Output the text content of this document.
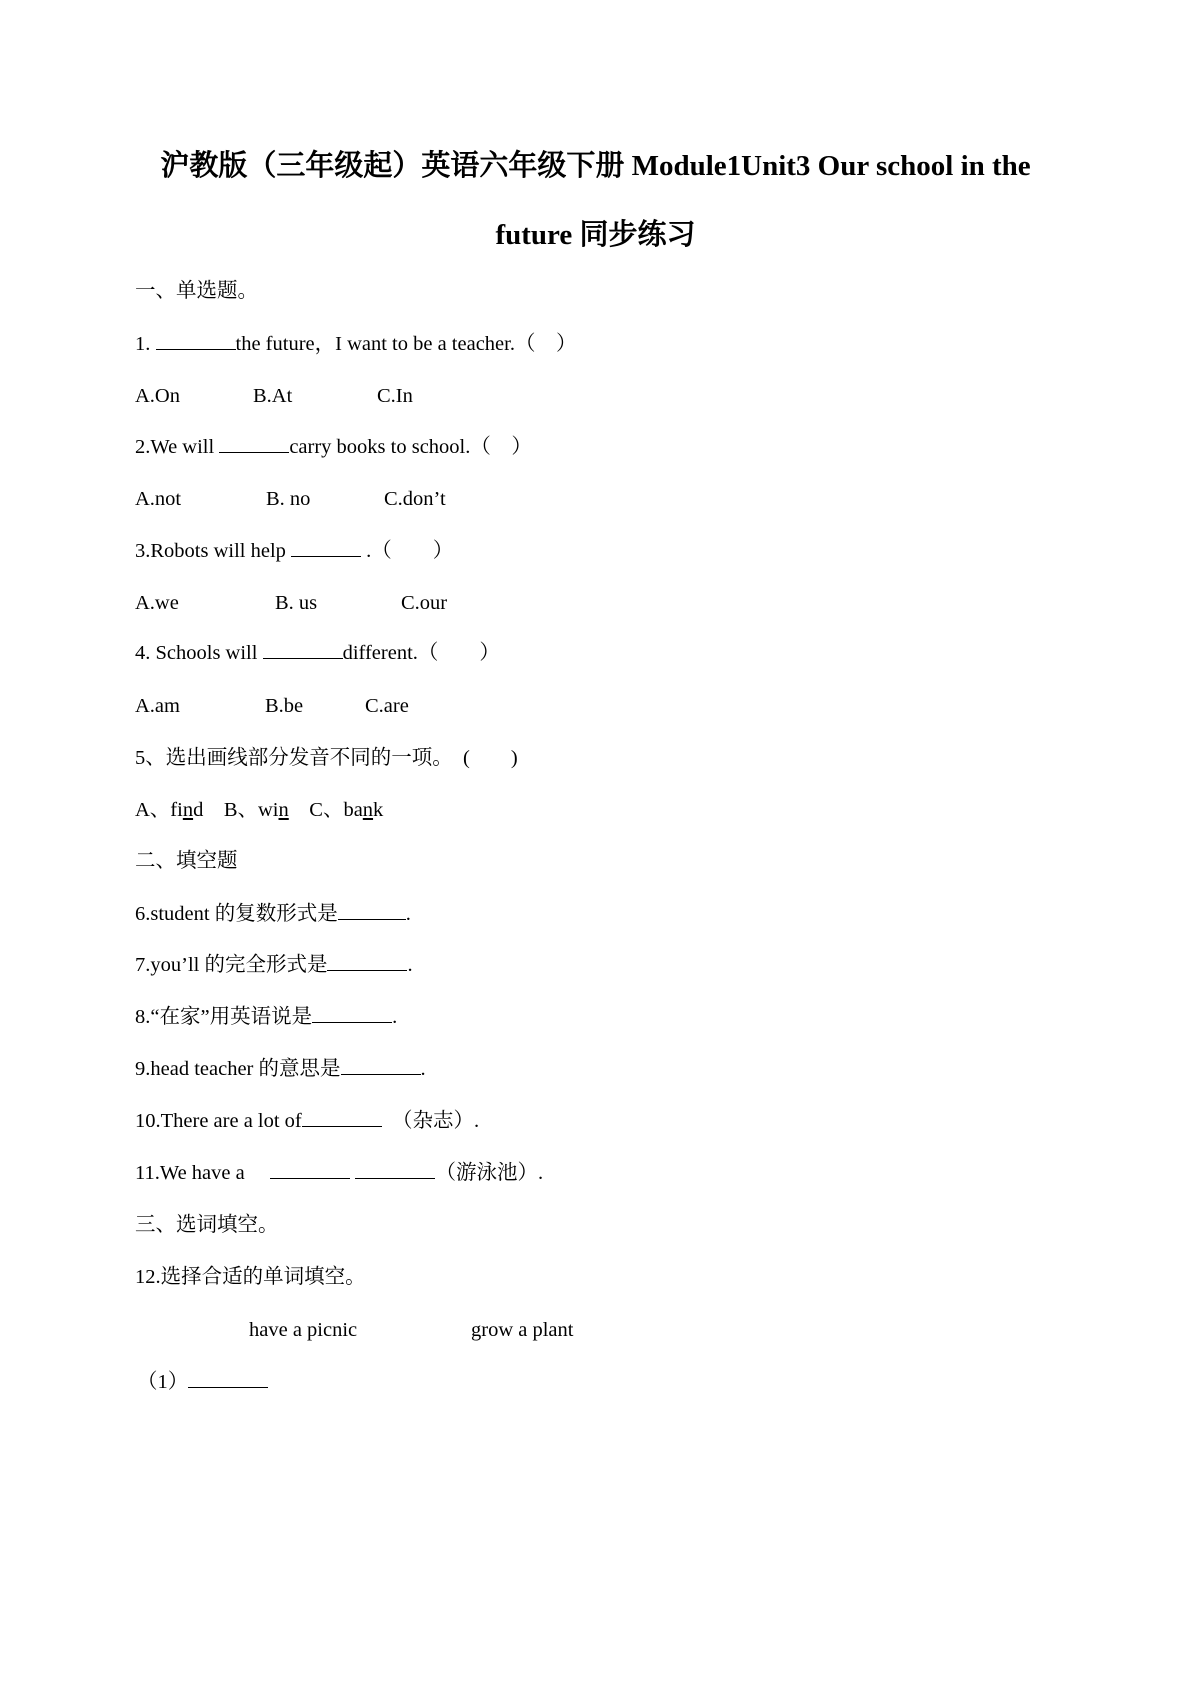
沪教版（三年级起）英语六年级下册 Module1Unit3 Our school in the
future 同步练习
一、单选题。
1.	the future，I want to be a teacher.（　）
A.On	B.At	C.In
2.We will	carry books to school.（　）
A.not	B. no	C.don’t
3.Robots will help	.（　　）
A.we	B. us	C.our
4. Schools will	different.（　　）
A.am	B.be	C.are
5、选出画线部分发音不同的一项。　(　　)
A、find　 B、win　 C、bank
二、填空题
6.student 的复数形式是	.
7.you’ll 的完全形式是	.
8.“在家”用英语说是	.
9.head teacher 的意思是	.
10.There are a lot of	　（杂志）.
11.We have a　	（游泳池）.
三、选词填空。
12.选择合适的单词填空。
have a picnic	grow a plant
（1）
